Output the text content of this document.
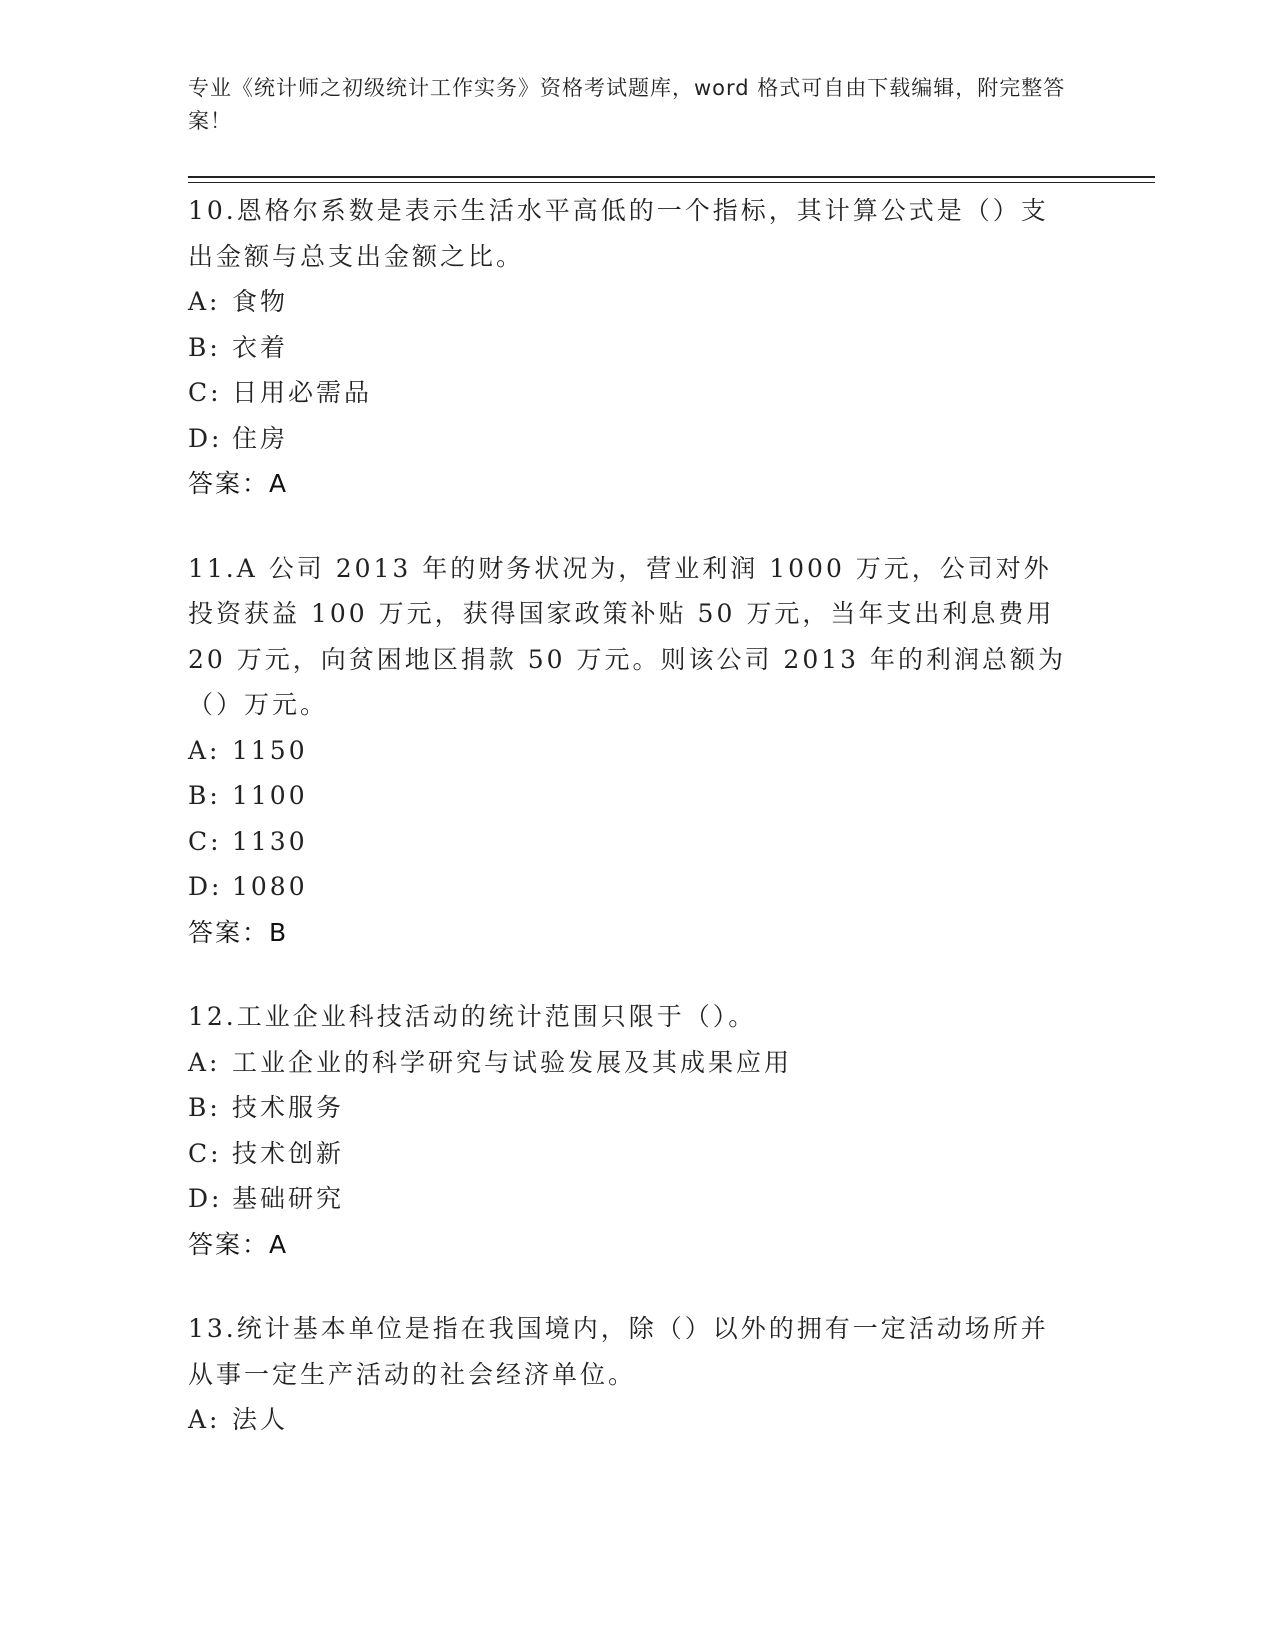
专业《统计师之初级统计工作实务》资格考试题库，word 格式可自由下载编辑，附完整答案！
10.恩格尔系数是表示生活水平高低的一个指标，其计算公式是（）支出金额与总支出金额之比。
A: 食物
B: 衣着
C: 日用必需品
D: 住房
答案：A
11.A 公司 2013 年的财务状况为，营业利润 1000 万元，公司对外投资获益 100 万元，获得国家政策补贴 50 万元，当年支出利息费用 20 万元，向贫困地区捐款 50 万元。则该公司 2013 年的利润总额为（）万元。
A: 1150
B: 1100
C: 1130
D: 1080
答案：B
12.工业企业科技活动的统计范围只限于（）。
A: 工业企业的科学研究与试验发展及其成果应用
B: 技术服务
C: 技术创新
D: 基础研究
答案：A
13.统计基本单位是指在我国境内，除（）以外的拥有一定活动场所并从事一定生产活动的社会经济单位。
A: 法人
